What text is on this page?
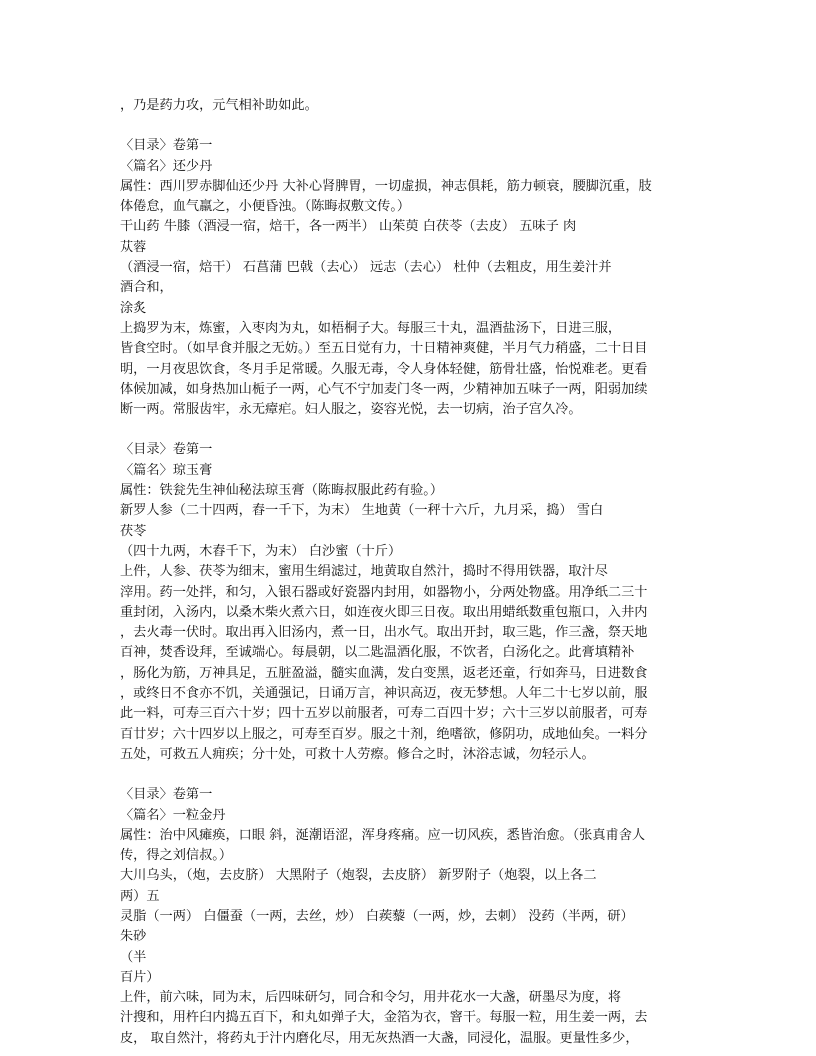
，乃是药力攻，元气相补助如此。

〈目录〉卷第一

〈篇名〉还少丹

属性：西川罗赤脚仙还少丹 大补心肾脾胃，一切虚损，神志俱耗，筋力顿衰，腰脚沉重，肢

体倦怠，血气羸之，小便昏浊。（陈晦叔敷文传。）

干山药 牛膝（酒浸一宿，焙干，各一两半） 山茱萸 白茯苓（去皮） 五味子 肉

苁蓉

（酒浸一宿，焙干） 石菖蒲 巴戟（去心） 远志（去心） 杜仲（去粗皮，用生姜汁并

酒合和，

涂炙

上捣罗为末，炼蜜，入枣肉为丸，如梧桐子大。每服三十丸，温酒盐汤下，日进三服，

皆食空时。（如早食并服之无妨。）至五日觉有力，十日精神爽健，半月气力稍盛，二十日目

明，一月夜思饮食，冬月手足常暖。久服无毒，令人身体轻健，筋骨壮盛，怡悦难老。更看

体候加减，如身热加山栀子一两，心气不宁加麦门冬一两，少精神加五味子一两，阳弱加续

断一两。常服齿牢，永无瘴疟。妇人服之，姿容光悦，去一切病，治子宫久冷。

〈目录〉卷第一

〈篇名〉琼玉膏

属性：铁瓮先生神仙秘法琼玉膏（陈晦叔服此药有验。）

新罗人参（二十四两，舂一千下，为末） 生地黄（一秤十六斤，九月采，捣） 雪白

茯苓

（四十九两，木舂千下，为末） 白沙蜜（十斤）

上件，人参、茯苓为细末，蜜用生绢滤过，地黄取自然汁，捣时不得用铁器，取汁尽

滓用。药一处拌，和匀，入银石器或好瓷器内封用，如器物小，分两处物盛。用净纸二三十

重封闭，入汤内，以桑木柴火煮六日，如连夜火即三日夜。取出用蜡纸数重包瓶口，入井内

，去火毒一伏时。取出再入旧汤内，煮一日，出水气。取出开封，取三匙，作三盏，祭天地

百神，焚香设拜，至诚端心。每晨朝，以二匙温酒化服，不饮者，白汤化之。此膏填精补

，肠化为筋，万神具足，五脏盈溢，髓实血满，发白变黑，返老还童，行如奔马，日进数食

，或终日不食亦不饥，关通强记，日诵万言，神识高迈，夜无梦想。人年二十七岁以前，服

此一料，可寿三百六十岁；四十五岁以前服者，可寿二百四十岁；六十三岁以前服者，可寿

百廿岁；六十四岁以上服之，可寿至百岁。服之十剂，绝嗜欲，修阴功，成地仙矣。一料分

五处，可救五人痈疾；分十处，可救十人劳瘵。修合之时，沐浴志诚，勿轻示人。

〈目录〉卷第一

〈篇名〉一粒金丹

属性：治中风瘫痪，口眼 斜，涎潮语涩，浑身疼痛。应一切风疾，悉皆治愈。（张真甫舍人

传，得之刘信叔。）

大川乌头，（炮，去皮脐） 大黑附子（炮裂，去皮脐） 新罗附子（炮裂，以上各二

两）五

灵脂（一两） 白僵蚕（一两，去丝，炒） 白蒺藜（一两，炒，去刺） 没药（半两，研）

朱砂

（半

百片）

上件，前六味，同为末，后四味研匀，同合和令匀，用井花水一大盏，研墨尽为度，将

汁搜和，用杵臼内捣五百下，和丸如弹子大，金箔为衣，窨干。每服一粒，用生姜一两，去

皮， 取自然汁，将药丸于汁内磨化尽，用无灰热酒一大盏，同浸化，温服。更量性多少，
